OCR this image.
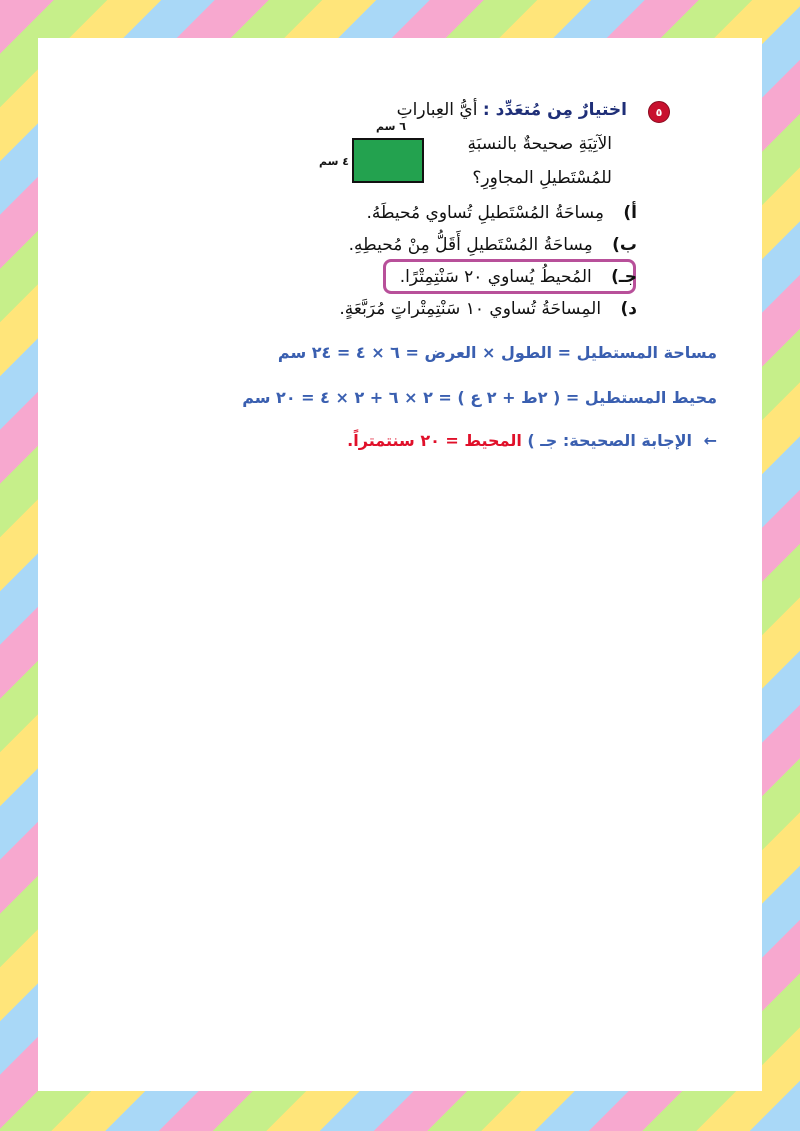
٥
اختيارٌ مِن مُتعَدِّد : أيُّ العِباراتِ
الآتِيَةِ صحيحةٌ بالنسبَةِ
للمُسْتَطيلِ المجاوِرِ؟
٦ سم
٤ سم
أ) مِساحَةُ المُسْتَطيلِ تُساوي مُحيطَهُ.
ب) مِساحَةُ المُسْتَطيلِ أَقَلُّ مِنْ مُحيطِهِ.
جـ) المُحيطُ يُساوي ٢٠ سَنْتِمِتْرًا.
د) المِساحَةُ تُساوي ١٠ سَنْتِمِتْراتٍ مُرَبَّعَةٍ.
مساحة المستطيل = الطول × العرض = ٦ × ٤ = ٢٤ سم
محيط المستطيل = ( ٢ط + ٢ ع ) = ٢ × ٦ + ٢ × ٤ = ٢٠ سم
← الإجابة الصحيحة: جـ ) المحيط = ٢٠ سنتمتراً.
